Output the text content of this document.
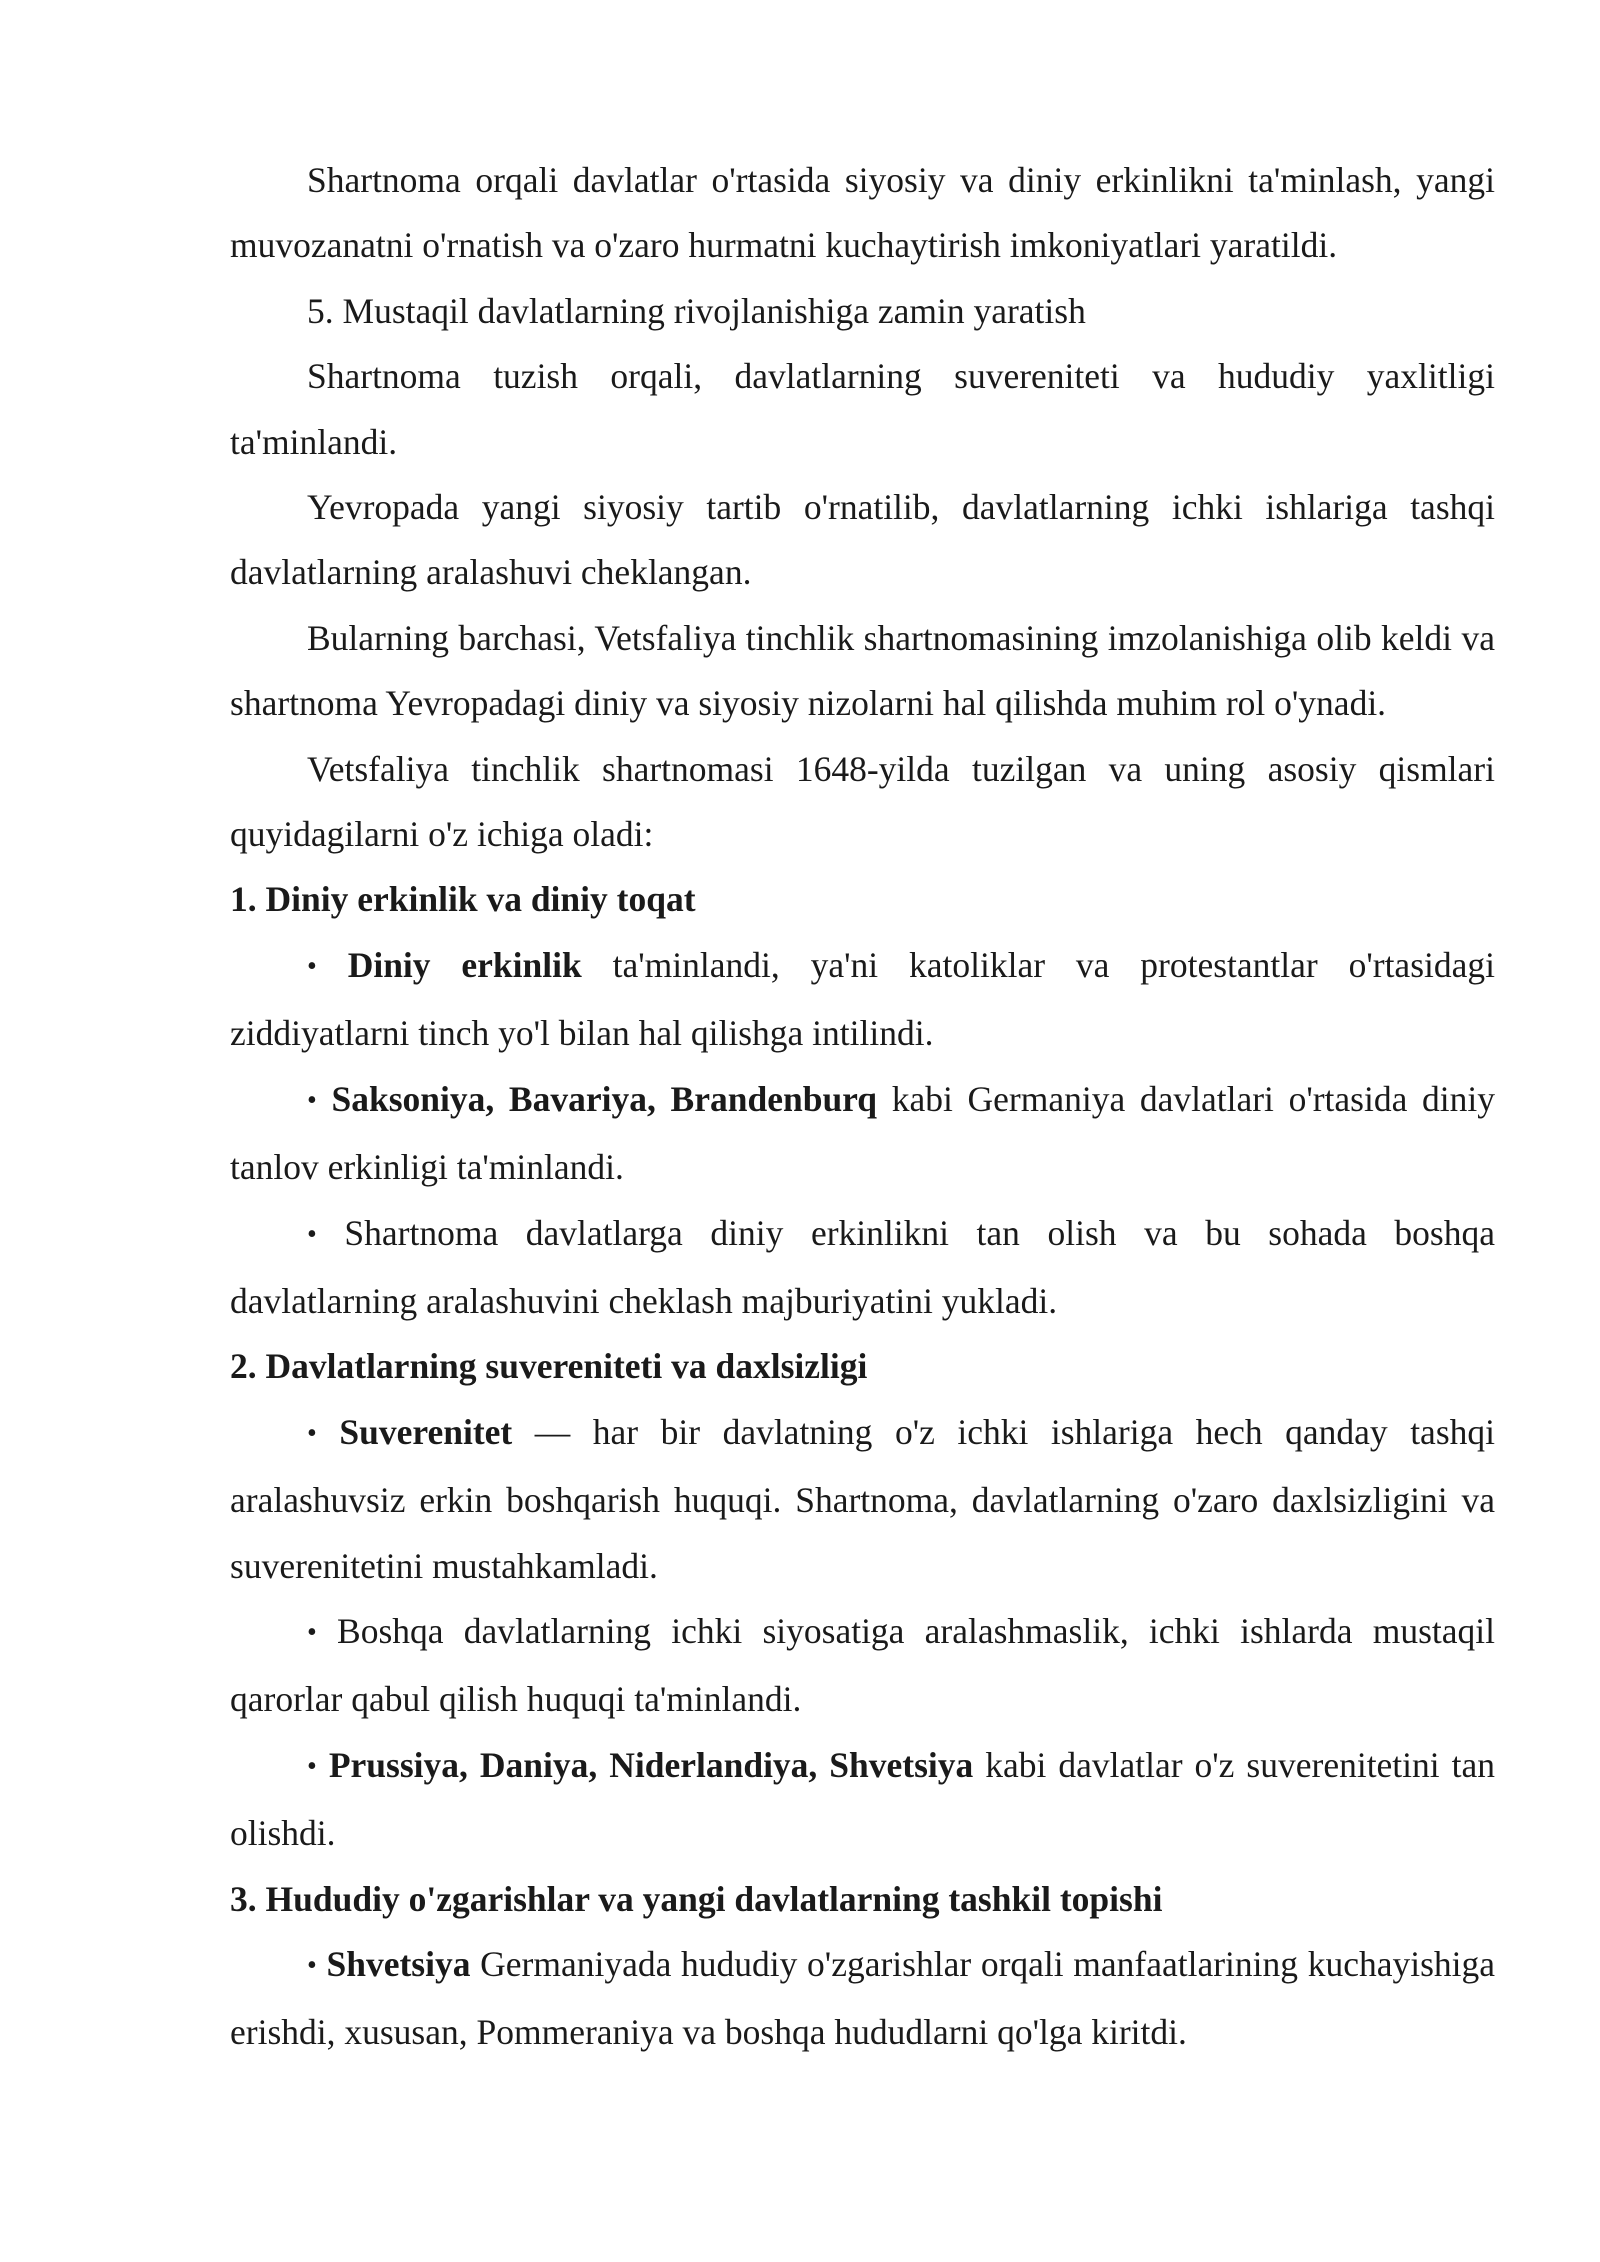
Shartnoma orqali davlatlar o'rtasida siyosiy va diniy erkinlikni ta'minlash, yangi muvozanatni o'rnatish va o'zaro hurmatni kuchaytirish imkoniyatlari yaratildi.

5. Mustaqil davlatlarning rivojlanishiga zamin yaratish

Shartnoma tuzish orqali, davlatlarning suvereniteti va hududiy yaxlitligi ta'minlandi.

Yevropada yangi siyosiy tartib o'rnatilib, davlatlarning ichki ishlariga tashqi davlatlarning aralashuvi cheklangan.

Bularning barchasi, Vetsfaliya tinchlik shartnomasining imzolanishiga olib keldi va shartnoma Yevropadagi diniy va siyosiy nizolarni hal qilishda muhim rol o'ynadi.

Vetsfaliya tinchlik shartnomasi 1648-yilda tuzilgan va uning asosiy qismlari quyidagilarni o'z ichiga oladi:

1. Diniy erkinlik va diniy toqat

• Diniy erkinlik ta'minlandi, ya'ni katoliklar va protestantlar o'rtasidagi ziddiyatlarni tinch yo'l bilan hal qilishga intilindi.

• Saksoniya, Bavariya, Brandenburq kabi Germaniya davlatlari o'rtasida diniy tanlov erkinligi ta'minlandi.

• Shartnoma davlatlarga diniy erkinlikni tan olish va bu sohada boshqa davlatlarning aralashuvini cheklash majburiyatini yukladi.

2. Davlatlarning suvereniteti va daxlsizligi

• Suverenitet — har bir davlatning o'z ichki ishlariga hech qanday tashqi aralashuvsiz erkin boshqarish huquqi. Shartnoma, davlatlarning o'zaro daxlsizligini va suverenitetini mustahkamladi.

• Boshqa davlatlarning ichki siyosatiga aralashmaslik, ichki ishlarda mustaqil qarorlar qabul qilish huquqi ta'minlandi.

• Prussiya, Daniya, Niderlandiya, Shvetsiya kabi davlatlar o'z suverenitetini tan olishdi.

3. Hududiy o'zgarishlar va yangi davlatlarning tashkil topishi

• Shvetsiya Germaniyada hududiy o'zgarishlar orqali manfaatlarining kuchayishiga erishdi, xususan, Pommeraniya va boshqa hududlarni qo'lga kiritdi.
